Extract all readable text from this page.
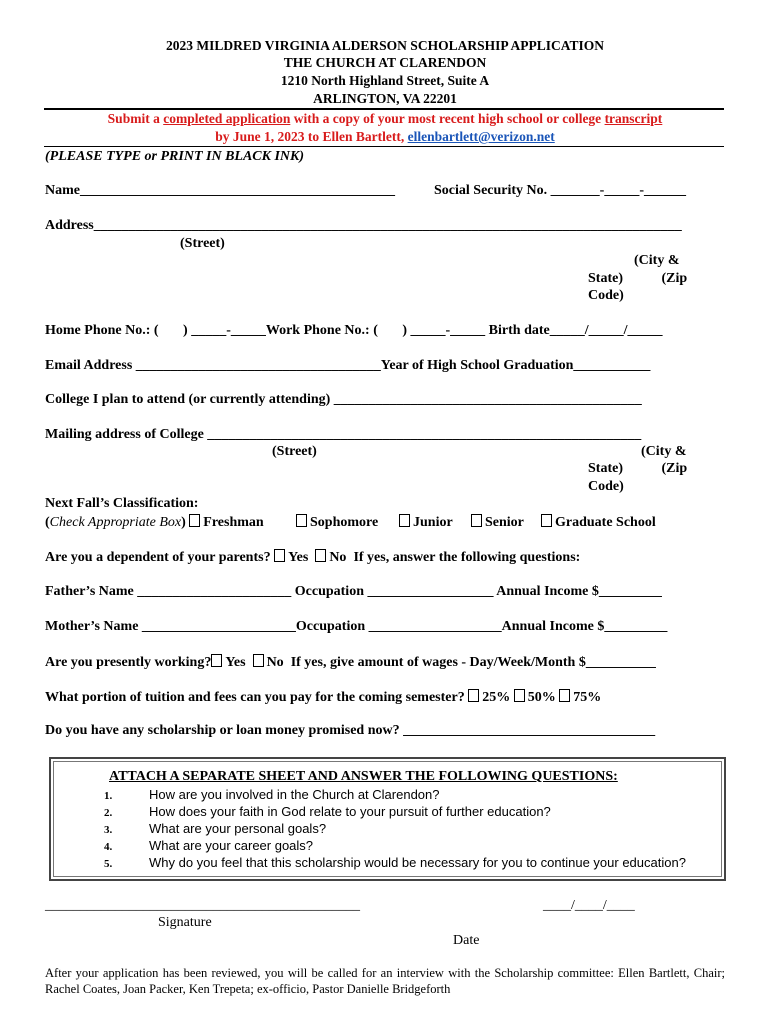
2023 MILDRED VIRGINIA ALDERSON SCHOLARSHIP APPLICATION
THE CHURCH AT CLARENDON
1210 North Highland Street, Suite A
ARLINGTON, VA 22201
Submit a completed application with a copy of your most recent high school or college transcript
by June 1, 2023 to Ellen Bartlett, ellenbartlett@verizon.net
(PLEASE TYPE or PRINT IN BLACK INK)
Name_____________________________________________	Social Security No. _______-_____-______
Address____________________________________________________________________________________
(Street)
(City &
State)           (Zip
Code)
Home Phone No.: (       ) _____-_____Work Phone No.: (       ) _____-_____ Birth date_____/_____/_____
Email Address ___________________________________Year of High School Graduation___________
College I plan to attend (or currently attending) ____________________________________________
Mailing address of College ______________________________________________________________
(Street)	(City &
State)           (Zip
Code)
Next Fall’s Classification:
(Check Appropriate Box) Freshman	Sophomore	Junior	Senior	Graduate School
Are you a dependent of your parents? Yes No If yes, answer the following questions:
Father’s Name ______________________ Occupation __________________ Annual Income $_________
Mother’s Name ______________________Occupation ___________________Annual Income $_________
Are you presently working? Yes No If yes, give amount of wages - Day/Week/Month $__________
What portion of tuition and fees can you pay for the coming semester? 25% 50% 75%
Do you have any scholarship or loan money promised now? ____________________________________
ATTACH A SEPARATE SHEET AND ANSWER THE FOLLOWING QUESTIONS:
1.	How are you involved in the Church at Clarendon?
2.	How does your faith in God relate to your pursuit of further education?
3.	What are your personal goals?
4.	What are your career goals?
5.	Why do you feel that this scholarship would be necessary for you to continue your education?
_____________________________________________
Signature
____/____/____
Date
After your application has been reviewed, you will be called for an interview with the Scholarship committee: Ellen Bartlett, Chair; Rachel Coates, Joan Packer, Ken Trepeta; ex-officio, Pastor Danielle Bridgeforth
